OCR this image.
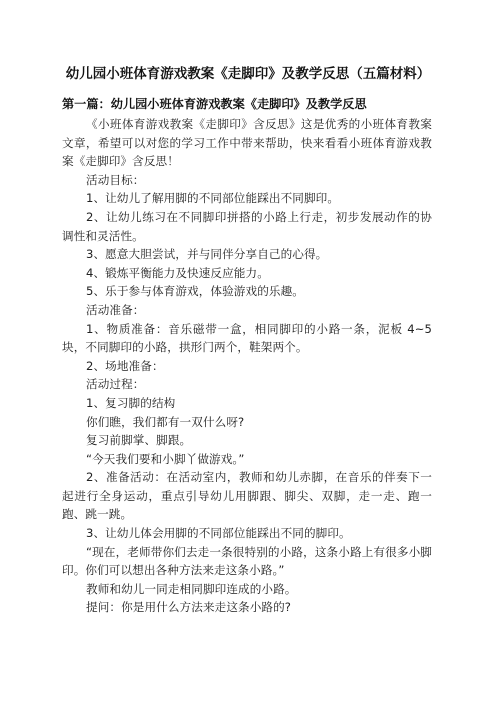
幼儿园小班体育游戏教案《走脚印》及教学反思（五篇材料）
第一篇：幼儿园小班体育游戏教案《走脚印》及教学反思

《小班体育游戏教案《走脚印》含反思》这是优秀的小班体育教案文章，希望可以对您的学习工作中带来帮助，快来看看小班体育游戏教案《走脚印》含反思！

活动目标：

1、让幼儿了解用脚的不同部位能踩出不同脚印。

2、让幼儿练习在不同脚印拼搭的小路上行走，初步发展动作的协调性和灵活性。

3、愿意大胆尝试，并与同伴分享自己的心得。

4、锻炼平衡能力及快速反应能力。

5、乐于参与体育游戏，体验游戏的乐趣。

活动准备：

1、物质准备：音乐磁带一盒，相同脚印的小路一条，泥板 4~5 块，不同脚印的小路，拱形门两个，鞋架两个。

2、场地准备：

活动过程：

1、复习脚的结构

你们瞧，我们都有一双什么呀?

复习前脚掌、脚跟。

“今天我们要和小脚丫做游戏。”

2、准备活动：在活动室内，教师和幼儿赤脚，在音乐的伴奏下一起进行全身运动，重点引导幼儿用脚跟、脚尖、双脚，走一走、跑一跑、跳一跳。

3、让幼儿体会用脚的不同部位能踩出不同的脚印。

“现在，老师带你们去走一条很特别的小路，这条小路上有很多小脚印。你们可以想出各种方法来走这条小路。”

教师和幼儿一同走相同脚印连成的小路。

提问：你是用什么方法来走这条小路的?
